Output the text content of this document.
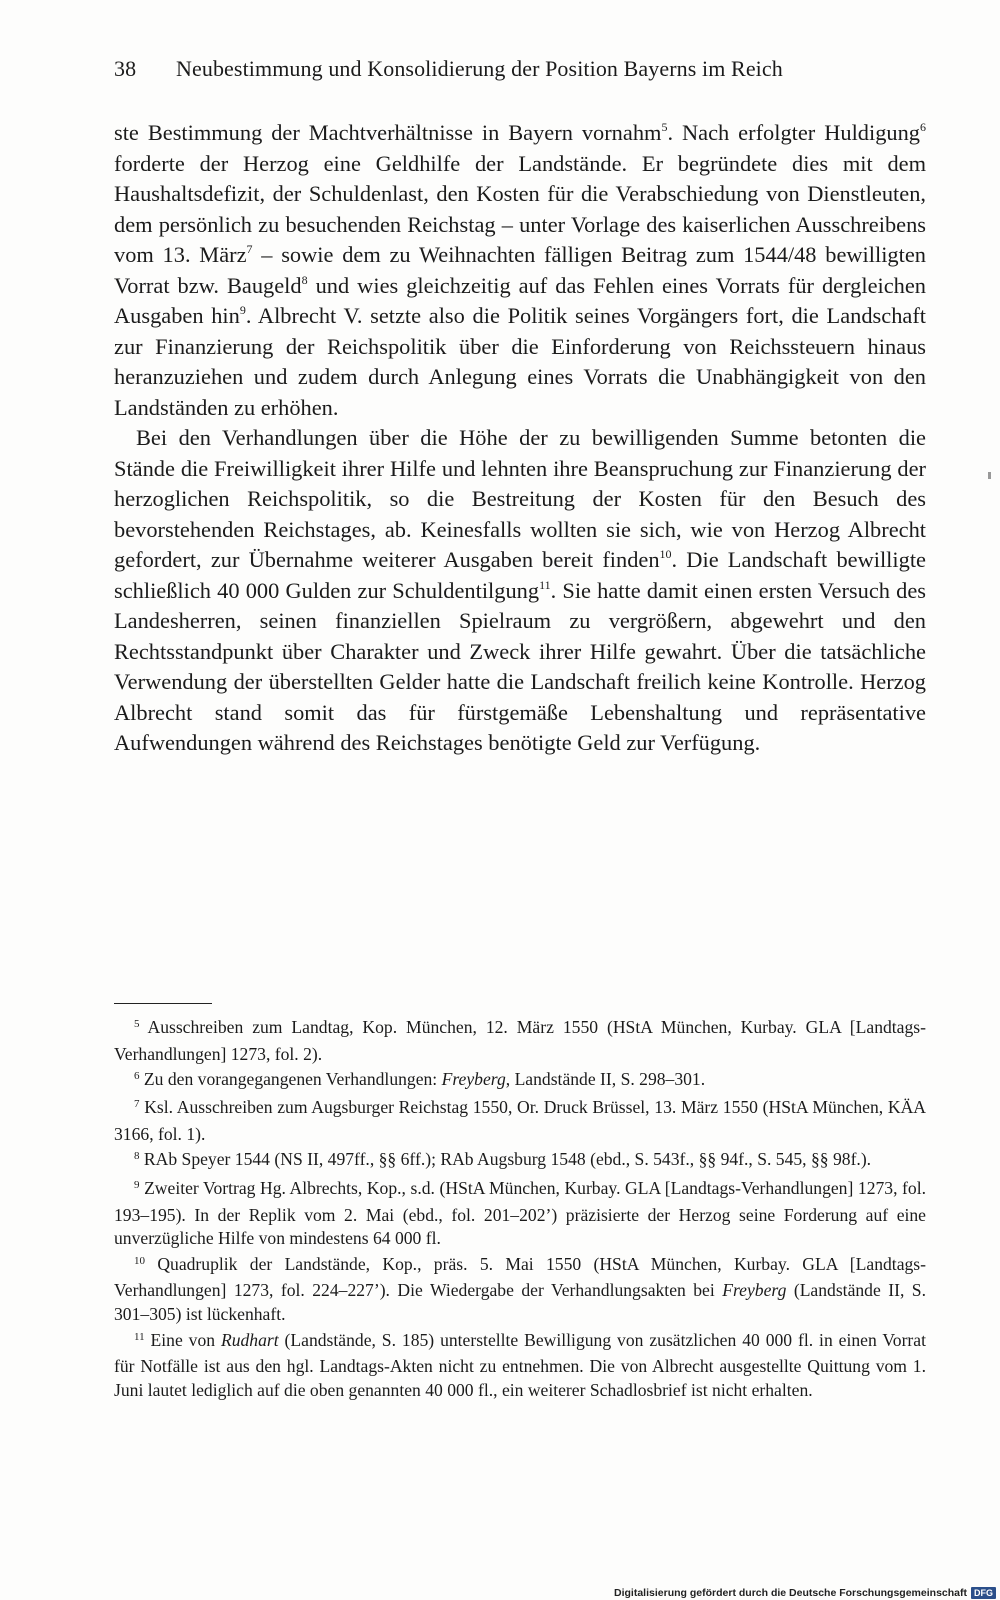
38 Neubestimmung und Konsolidierung der Position Bayerns im Reich

ste Bestimmung der Machtverhältnisse in Bayern vornahm$^5$. Nach erfolgter Huldigung$^6$ forderte der Herzog eine Geldhilfe der Landstände. Er begründete dies mit dem Haushaltsdefizit, der Schuldenlast, den Kosten für die Verabschiedung von Dienstleuten, dem persönlich zu besuchenden Reichstag – unter Vorlage des kaiserlichen Ausschreibens vom 13. März$^7$ – sowie dem zu Weihnachten fälligen Beitrag zum 1544/48 bewilligten Vorrat bzw. Baugeld$^8$ und wies gleichzeitig auf das Fehlen eines Vorrats für dergleichen Ausgaben hin$^9$. Albrecht V. setzte also die Politik seines Vorgängers fort, die Landschaft zur Finanzierung der Reichspolitik über die Einforderung von Reichssteuern hinaus heranzuziehen und zudem durch Anlegung eines Vorrats die Unabhängigkeit von den Landständen zu erhöhen.

Bei den Verhandlungen über die Höhe der zu bewilligenden Summe betonten die Stände die Freiwilligkeit ihrer Hilfe und lehnten ihre Beanspruchung zur Finanzierung der herzoglichen Reichspolitik, so die Bestreitung der Kosten für den Besuch des bevorstehenden Reichstages, ab. Keinesfalls wollten sie sich, wie von Herzog Albrecht gefordert, zur Übernahme weiterer Ausgaben bereit finden$^{10}$. Die Landschaft bewilligte schließlich 40 000 Gulden zur Schuldentilgung$^{11}$. Sie hatte damit einen ersten Versuch des Landesherren, seinen finanziellen Spielraum zu vergrößern, abgewehrt und den Rechtsstandpunkt über Charakter und Zweck ihrer Hilfe gewahrt. Über die tatsächliche Verwendung der überstellten Gelder hatte die Landschaft freilich keine Kontrolle. Herzog Albrecht stand somit das für fürstgemäße Lebenshaltung und repräsentative Aufwendungen während des Reichstages benötigte Geld zur Verfügung.

$^5$ Ausschreiben zum Landtag, Kop. München, 12. März 1550 (HStA München, Kurbay. GLA [Landtags-Verhandlungen] 1273, fol. 2).

$^6$ Zu den vorangegangenen Verhandlungen: Freyberg, Landstände II, S. 298–301.

$^7$ Ksl. Ausschreiben zum Augsburger Reichstag 1550, Or. Druck Brüssel, 13. März 1550 (HStA München, KÄA 3166, fol. 1).

$^8$ RAb Speyer 1544 (NS II, 497ff., §§ 6ff.); RAb Augsburg 1548 (ebd., S. 543f., §§ 94f., S. 545, §§ 98f.).

$^9$ Zweiter Vortrag Hg. Albrechts, Kop., s.d. (HStA München, Kurbay. GLA [Landtags-Verhandlungen] 1273, fol. 193–195). In der Replik vom 2. Mai (ebd., fol. 201–202’) präzisierte der Herzog seine Forderung auf eine unverzügliche Hilfe von mindestens 64 000 fl.

$^{10}$ Quadruplik der Landstände, Kop., präs. 5. Mai 1550 (HStA München, Kurbay. GLA [Landtags-Verhandlungen] 1273, fol. 224–227’). Die Wiedergabe der Verhandlungsakten bei Freyberg (Landstände II, S. 301–305) ist lückenhaft.

$^{11}$ Eine von Rudhart (Landstände, S. 185) unterstellte Bewilligung von zusätzlichen 40 000 fl. in einen Vorrat für Notfälle ist aus den hgl. Landtags-Akten nicht zu entnehmen. Die von Albrecht ausgestellte Quittung vom 1. Juni lautet lediglich auf die oben genannten 40 000 fl., ein weiterer Schadlosbrief ist nicht erhalten.

Digitalisierung gefördert durch die Deutsche Forschungsgemeinschaft DFG
